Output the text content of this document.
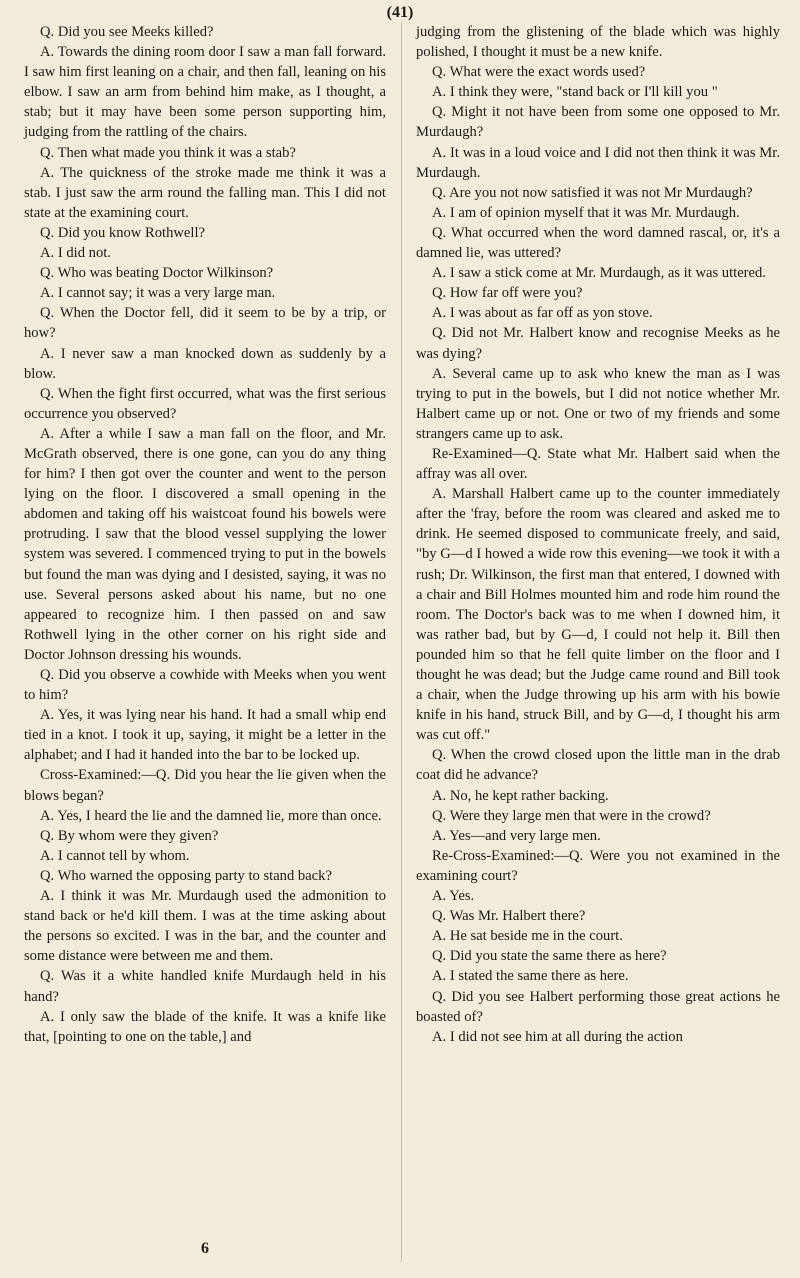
(41)

Q. Did you see Meeks killed?

A. Towards the dining room door I saw a man fall forward. I saw him first leaning on a chair, and then fall, leaning on his elbow. I saw an arm from behind him make, as I thought, a stab; but it may have been some person supporting him, judging from the rattling of the chairs.

Q. Then what made you think it was a stab?

A. The quickness of the stroke made me think it was a stab. I just saw the arm round the falling man. This I did not state at the examining court.

Q. Did you know Rothwell?

A. I did not.

Q. Who was beating Doctor Wilkinson?

A. I cannot say; it was a very large man.

Q. When the Doctor fell, did it seem to be by a trip, or how?

A. I never saw a man knocked down as suddenly by a blow.

Q. When the fight first occurred, what was the first serious occurrence you observed?

A. After a while I saw a man fall on the floor, and Mr. McGrath observed, there is one gone, can you do any thing for him? I then got over the counter and went to the person lying on the floor. I discovered a small opening in the abdomen and taking off his waistcoat found his bowels were protruding. I saw that the blood vessel supplying the lower system was severed. I commenced trying to put in the bowels but found the man was dying and I desisted, saying, it was no use. Several persons asked about his name, but no one appeared to recognize him. I then passed on and saw Rothwell lying in the other corner on his right side and Doctor Johnson dressing his wounds.

Q. Did you observe a cowhide with Meeks when you went to him?

A. Yes, it was lying near his hand. It had a small whip end tied in a knot. I took it up, saying, it might be a letter in the alphabet; and I had it handed into the bar to be locked up.

Cross-Examined:—Q. Did you hear the lie given when the blows began?

A. Yes, I heard the lie and the damned lie, more than once.

Q. By whom were they given?

A. I cannot tell by whom.

Q. Who warned the opposing party to stand back?

A. I think it was Mr. Murdaugh used the admonition to stand back or he'd kill them. I was at the time asking about the persons so excited. I was in the bar, and the counter and some distance were between me and them.

Q. Was it a white handled knife Murdaugh held in his hand?

A. I only saw the blade of the knife. It was a knife like that, [pointing to one on the table,] and

judging from the glistening of the blade which was highly polished, I thought it must be a new knife.

Q. What were the exact words used?

A. I think they were, "stand back or I'll kill you "

Q. Might it not have been from some one opposed to Mr. Murdaugh?

A. It was in a loud voice and I did not then think it was Mr. Murdaugh.

Q. Are you not now satisfied it was not Mr Murdaugh?

A. I am of opinion myself that it was Mr. Murdaugh.

Q. What occurred when the word damned rascal, or, it's a damned lie, was uttered?

A. I saw a stick come at Mr. Murdaugh, as it was uttered.

Q. How far off were you?

A. I was about as far off as yon stove.

Q. Did not Mr. Halbert know and recognise Meeks as he was dying?

A. Several came up to ask who knew the man as I was trying to put in the bowels, but I did not notice whether Mr. Halbert came up or not. One or two of my friends and some strangers came up to ask.

Re-Examined—Q. State what Mr. Halbert said when the affray was all over.

A. Marshall Halbert came up to the counter immediately after the 'fray, before the room was cleared and asked me to drink. He seemed disposed to communicate freely, and said, "by G—d I howed a wide row this evening—we took it with a rush; Dr. Wilkinson, the first man that entered, I downed with a chair and Bill Holmes mounted him and rode him round the room. The Doctor's back was to me when I downed him, it was rather bad, but by G—d, I could not help it. Bill then pounded him so that he fell quite limber on the floor and I thought he was dead; but the Judge came round and Bill took a chair, when the Judge throwing up his arm with his bowie knife in his hand, struck Bill, and by G—d, I thought his arm was cut off."

Q. When the crowd closed upon the little man in the drab coat did he advance?

A. No, he kept rather backing.

Q. Were they large men that were in the crowd?

A. Yes—and very large men.

Re-Cross-Examined:—Q. Were you not examined in the examining court?

A. Yes.

Q. Was Mr. Halbert there?

A. He sat beside me in the court.

Q. Did you state the same there as here?

A. I stated the same there as here.

Q. Did you see Halbert performing those great actions he boasted of?

A. I did not see him at all during the action

6
